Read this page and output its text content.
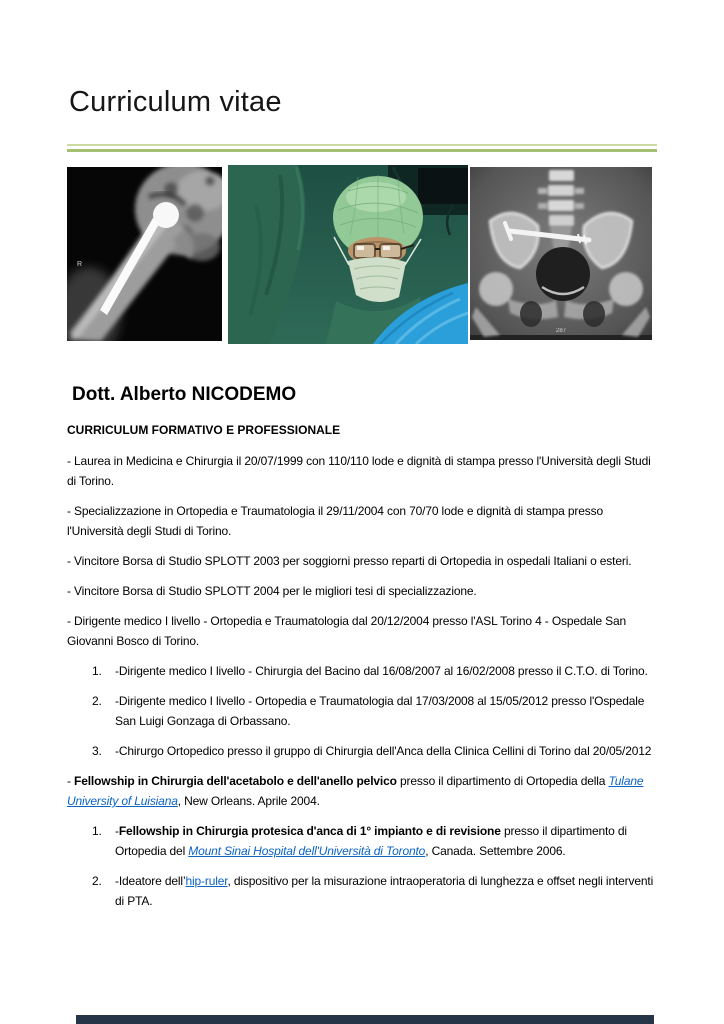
Curriculum vitae
R
287
Dott. Alberto NICODEMO
CURRICULUM FORMATIVO E PROFESSIONALE

- Laurea in Medicina e Chirurgia il 20/07/1999 con 110/110 lode e dignità di stampa presso l'Università degli Studi di Torino.

- Specializzazione in Ortopedia e Traumatologia il 29/11/2004 con 70/70 lode e dignità di stampa presso l'Università degli Studi di Torino.

- Vincitore Borsa di Studio SPLOTT 2003 per soggiorni presso reparti di Ortopedia in ospedali Italiani o esteri.

- Vincitore Borsa di Studio SPLOTT 2004 per le migliori tesi di specializzazione.

- Dirigente medico I livello - Ortopedia e Traumatologia dal 20/12/2004 presso l'ASL Torino 4 - Ospedale San Giovanni Bosco di Torino.

1.	-Dirigente medico I livello - Chirurgia del Bacino dal 16/08/2007 al 16/02/2008 presso il C.T.O. di Torino.
2.	-Dirigente medico I livello - Ortopedia e Traumatologia dal 17/03/2008 al 15/05/2012 presso l'Ospedale San Luigi Gonzaga di Orbassano.
3.	-Chirurgo Ortopedico presso il gruppo di Chirurgia dell'Anca della Clinica Cellini di Torino dal 20/05/2012

- Fellowship in Chirurgia dell'acetabolo e dell'anello pelvico presso il dipartimento di Ortopedia della Tulane University of Luisiana, New Orleans. Aprile 2004.

1.	-Fellowship in Chirurgia protesica d'anca di 1° impianto e di revisione presso il dipartimento di Ortopedia del Mount Sinai Hospital dell'Università di Toronto, Canada. Settembre 2006.
2.	-Ideatore dell’hip-ruler, dispositivo per la misurazione intraoperatoria di lunghezza e offset negli interventi di PTA.
